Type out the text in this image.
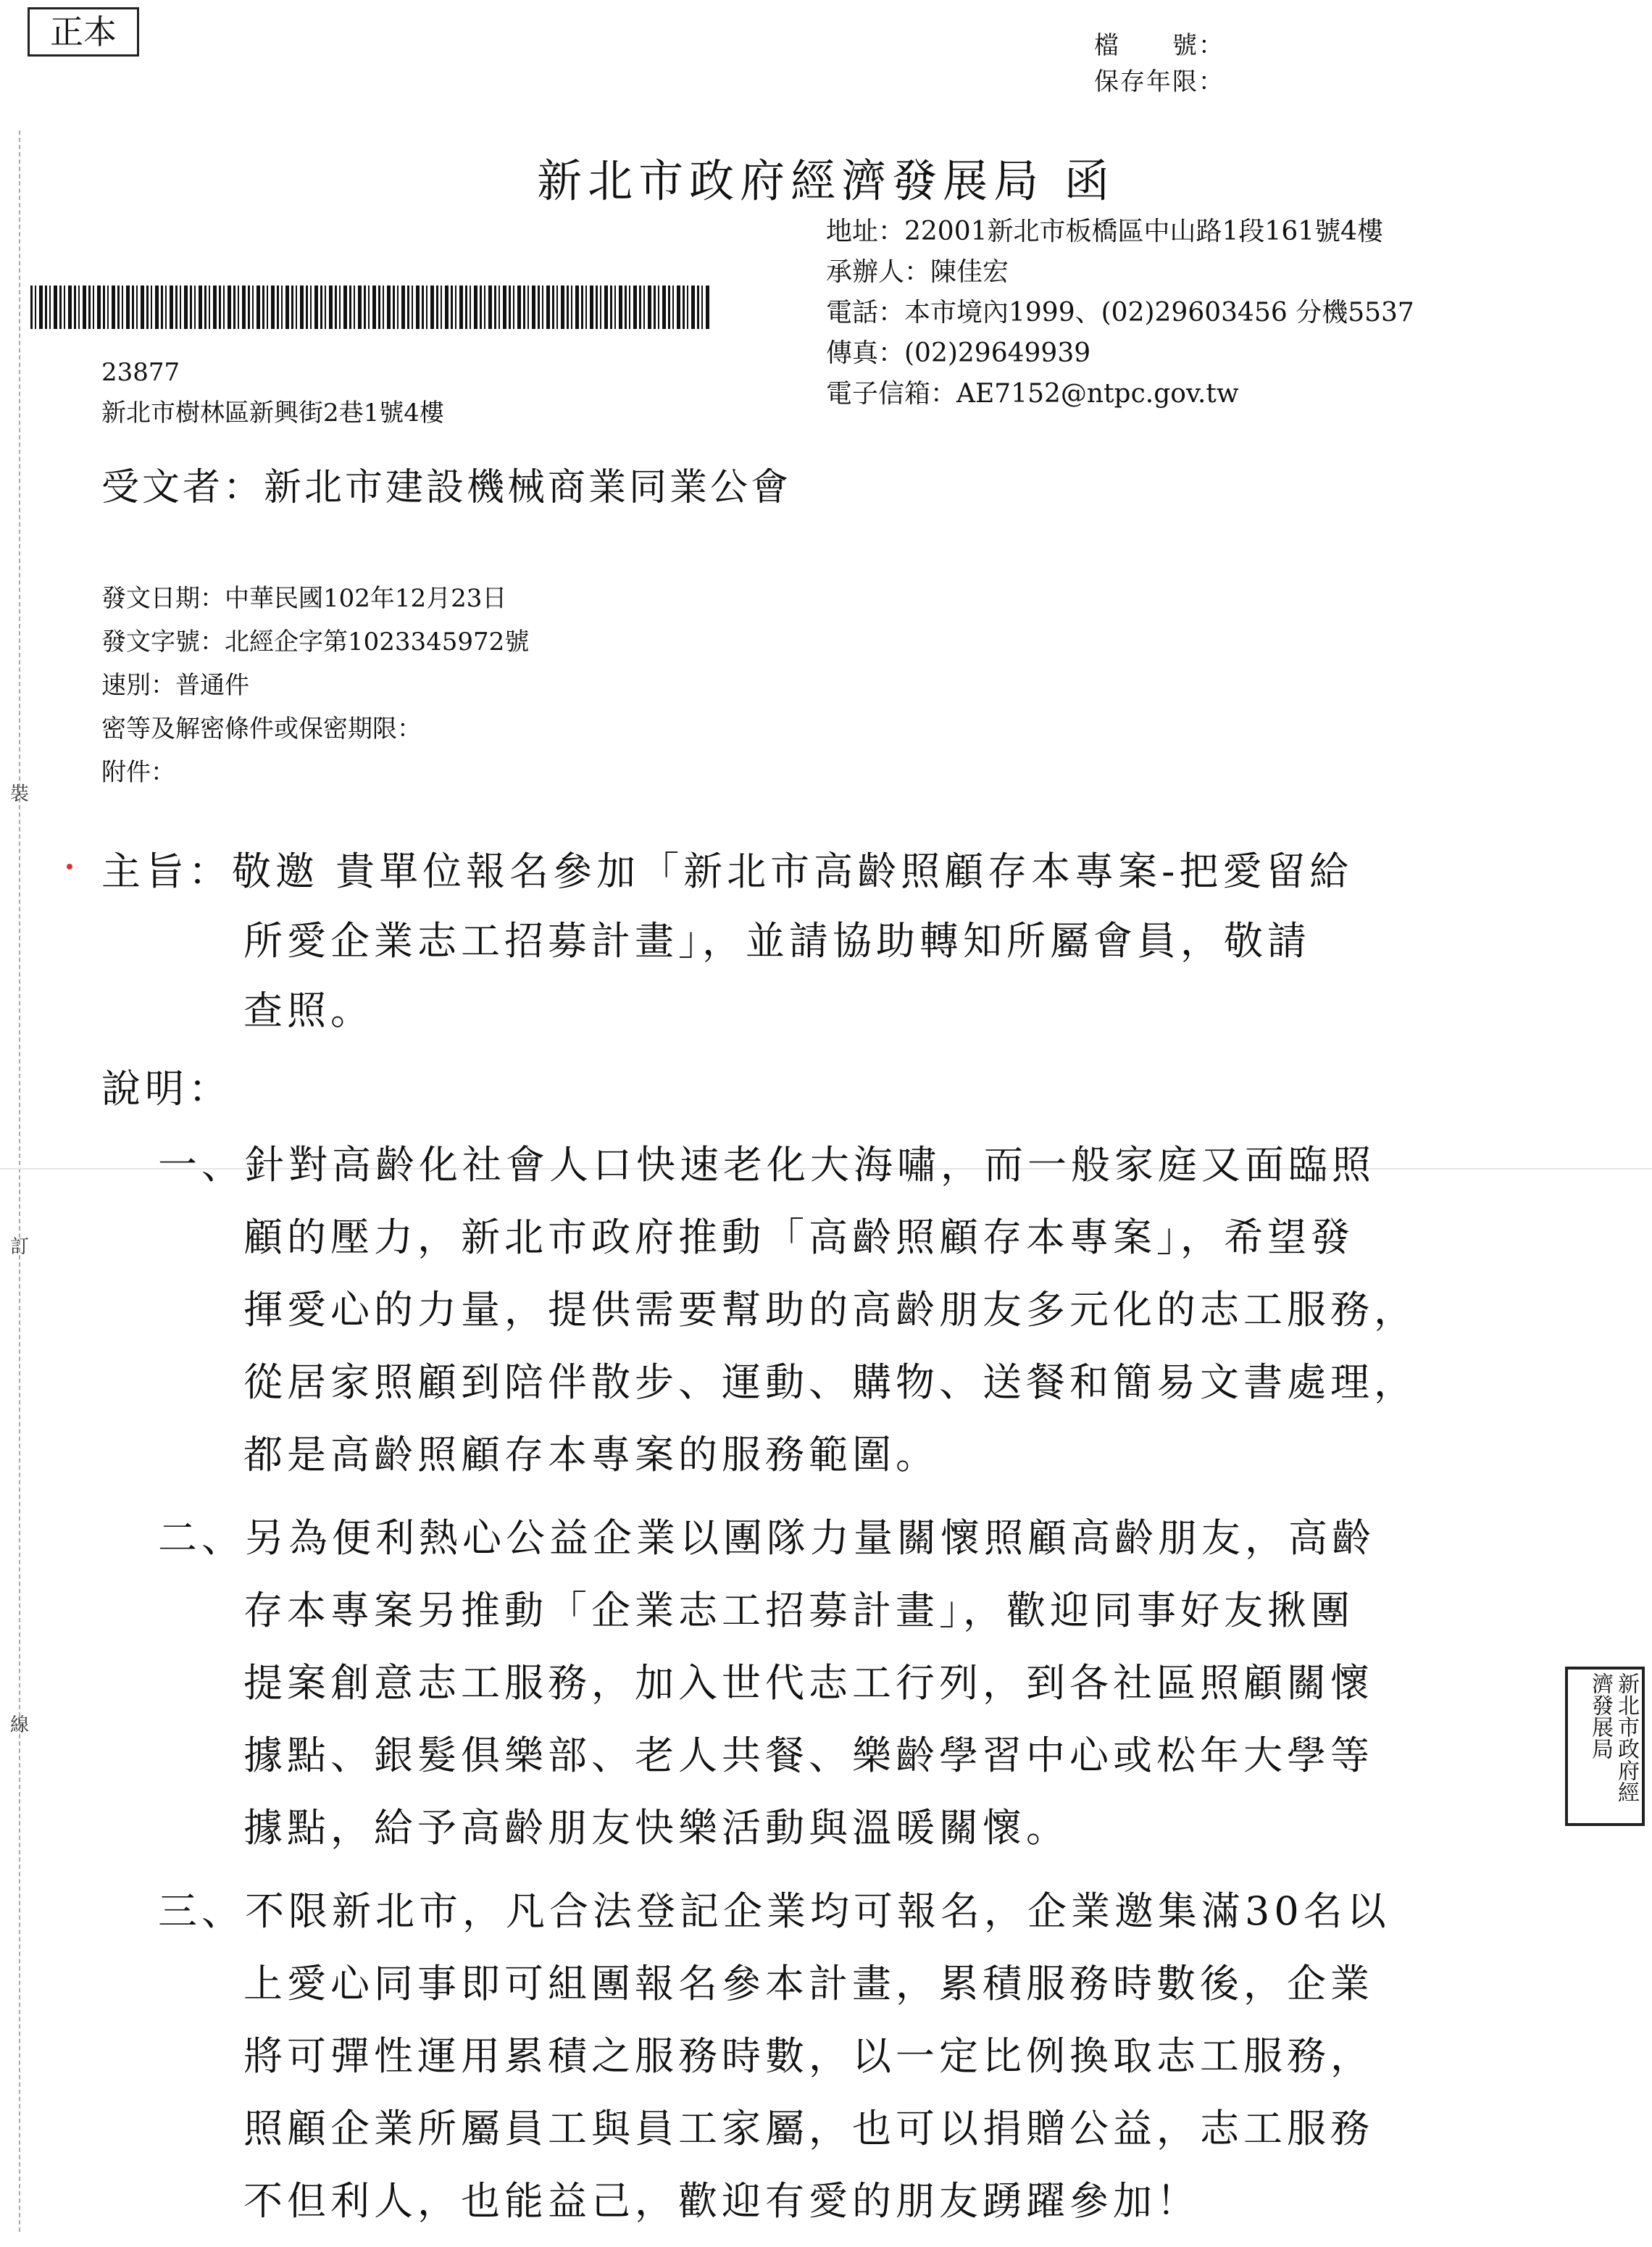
裝
訂
線
正本	檔　　號：
保存年限：
新北市政府經濟發展局 函
地址：22001新北市板橋區中山路1段161號4樓
承辦人：陳佳宏
電話：本市境內1999、(02)29603456 分機5537
傳真：(02)29649939
電子信箱：AE7152@ntpc.gov.tw
23877
新北市樹林區新興街2巷1號4樓
受文者：新北市建設機械商業同業公會
發文日期：中華民國102年12月23日
發文字號：北經企字第1023345972號
速別：普通件
密等及解密條件或保密期限：
附件：
主旨：敬邀 貴單位報名參加「新北市高齡照顧存本專案-把愛留給
所愛企業志工招募計畫」，並請協助轉知所屬會員，敬請
查照。
說明：
一、針對高齡化社會人口快速老化大海嘯，而一般家庭又面臨照
顧的壓力，新北市政府推動「高齡照顧存本專案」，希望發
揮愛心的力量，提供需要幫助的高齡朋友多元化的志工服務，
從居家照顧到陪伴散步、運動、購物、送餐和簡易文書處理，
都是高齡照顧存本專案的服務範圍。
二、另為便利熱心公益企業以團隊力量關懷照顧高齡朋友，高齡
存本專案另推動「企業志工招募計畫」，歡迎同事好友揪團
提案創意志工服務，加入世代志工行列，到各社區照顧關懷
據點、銀髮俱樂部、老人共餐、樂齡學習中心或松年大學等
據點，給予高齡朋友快樂活動與溫暖關懷。
三、不限新北市，凡合法登記企業均可報名，企業邀集滿30名以
上愛心同事即可組團報名參本計畫，累積服務時數後，企業
將可彈性運用累積之服務時數，以一定比例換取志工服務，
照顧企業所屬員工與員工家屬，也可以捐贈公益，志工服務
不但利人，也能益己，歡迎有愛的朋友踴躍參加！
新北市政府經濟發展局
